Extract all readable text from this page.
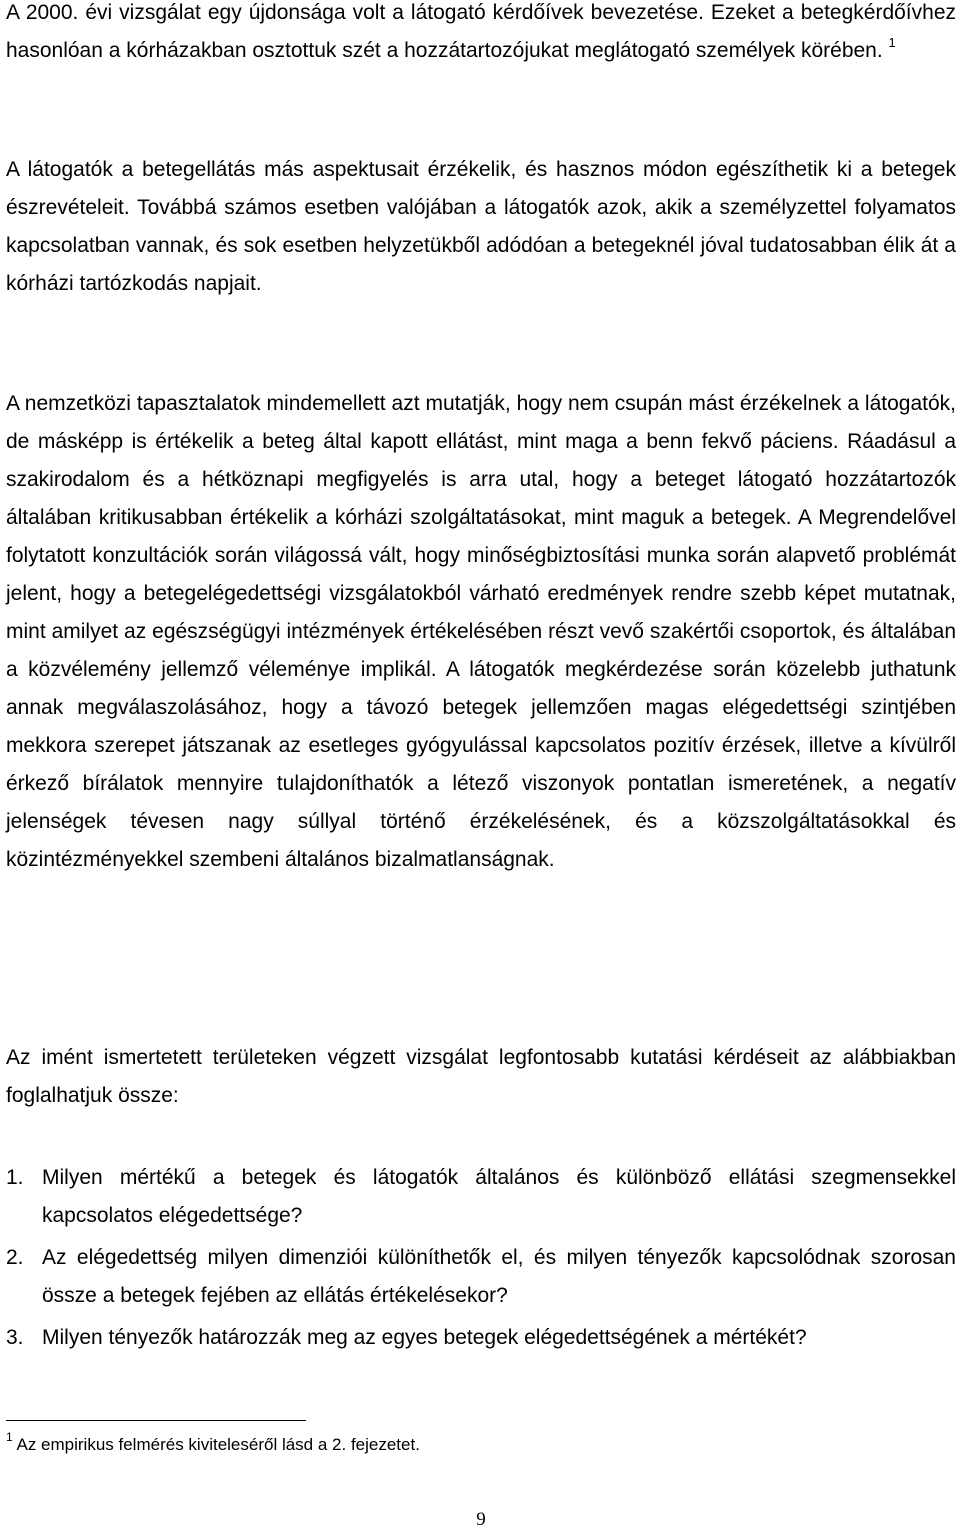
A 2000. évi vizsgálat egy újdonsága volt a látogató kérdőívek bevezetése. Ezeket a betegkérdőívhez hasonlóan a kórházakban osztottuk szét a hozzátartozójukat meglátogató személyek körében. $^1$

A látogatók a betegellátás más aspektusait érzékelik, és hasznos módon egészíthetik ki a betegek észrevételeit. Továbbá számos esetben valójában a látogatók azok, akik a személyzettel folyamatos kapcsolatban vannak, és sok esetben helyzetükből adódóan a betegeknél jóval tudatosabban élik át a kórházi tartózkodás napjait.

A nemzetközi tapasztalatok mindemellett azt mutatják, hogy nem csupán mást érzékelnek a látogatók, de másképp is értékelik a beteg által kapott ellátást, mint maga a benn fekvő páciens. Ráadásul a szakirodalom és a hétköznapi megfigyelés is arra utal, hogy a beteget látogató hozzátartozók általában kritikusabban értékelik a kórházi szolgáltatásokat, mint maguk a betegek. A Megrendelővel folytatott konzultációk során világossá vált, hogy minőségbiztosítási munka során alapvető problémát jelent, hogy a betegelégedettségi vizsgálatokból várható eredmények rendre szebb képet mutatnak, mint amilyet az egészségügyi intézmények értékelésében részt vevő szakértői csoportok, és általában a közvélemény jellemző véleménye implikál. A látogatók megkérdezése során közelebb juthatunk annak megválaszolásához, hogy a távozó betegek jellemzően magas elégedettségi szintjében mekkora szerepet játszanak az esetleges gyógyulással kapcsolatos pozitív érzések, illetve a kívülről érkező bírálatok mennyire tulajdoníthatók a létező viszonyok pontatlan ismeretének, a negatív jelenségek tévesen nagy súllyal történő érzékelésének, és a közszolgáltatásokkal és közintézményekkel szembeni általános bizalmatlanságnak.

Az imént ismertetett területeken végzett vizsgálat legfontosabb kutatási kérdéseit az alábbiakban foglalhatjuk össze:

1. Milyen mértékű a betegek és látogatók általános és különböző ellátási szegmensekkel kapcsolatos elégedettsége?
2. Az elégedettség milyen dimenziói különíthetők el, és milyen tényezők kapcsolódnak szorosan össze a betegek fejében az ellátás értékelésekor?
3. Milyen tényezők határozzák meg az egyes betegek elégedettségének a mértékét?
$^1$ Az empirikus felmérés kiviteleséről lásd a 2. fejezetet.
9
